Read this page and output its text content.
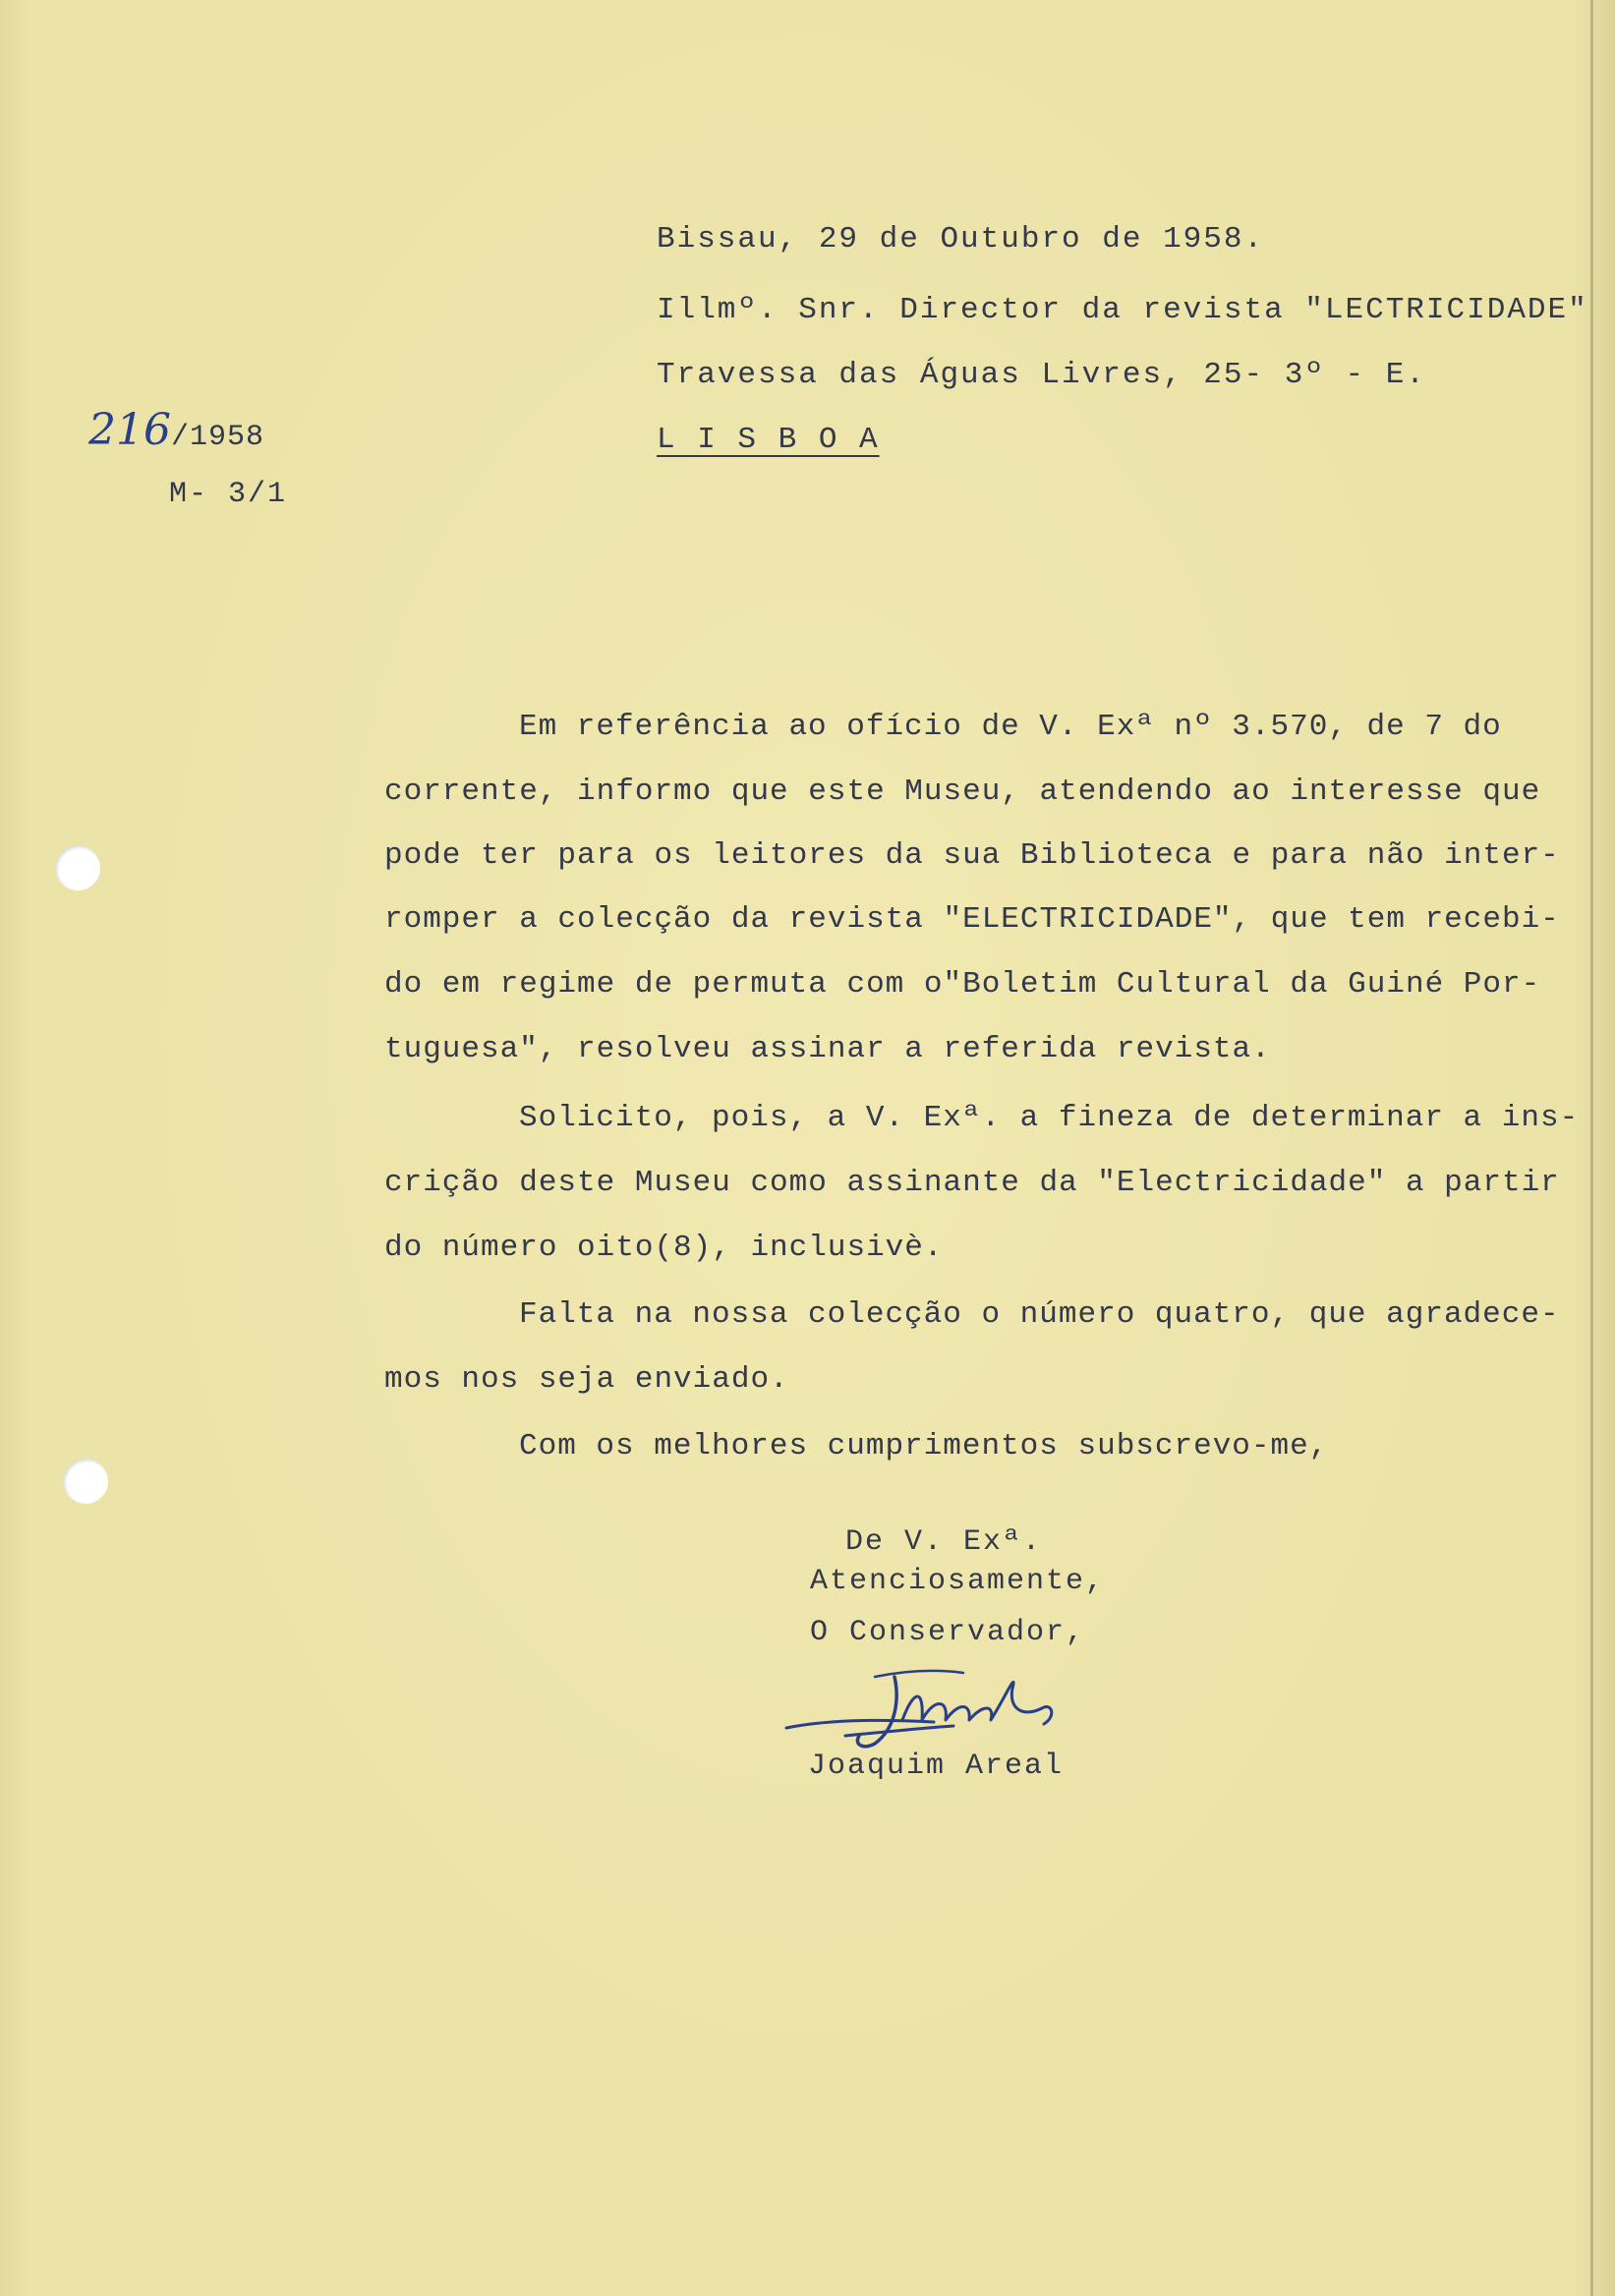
Bissau, 29 de Outubro de 1958.
Illmº. Snr. Director da revista "LECTRICIDADE"
Travessa das Águas Livres, 25- 3º - E.
L I S B O A
216/1958
M- 3/1
Em referência ao ofício de V. Exª nº 3.570, de 7 do
corrente, informo que este Museu, atendendo ao interesse que
pode ter para os leitores da sua Biblioteca e para não inter-
romper a colecção da revista "ELECTRICIDADE", que tem recebi-
do em regime de permuta com o"Boletim Cultural da Guiné Por-
tuguesa", resolveu assinar a referida revista.
Solicito, pois, a V. Exª. a fineza de determinar a ins-
crição deste Museu como assinante da "Electricidade" a partir
do número oito(8), inclusivè.
Falta na nossa colecção o número quatro, que agradece-
mos nos seja enviado.
Com os melhores cumprimentos subscrevo-me,
De V. Exª.
Atenciosamente,
O Conservador,
Joaquim Areal
